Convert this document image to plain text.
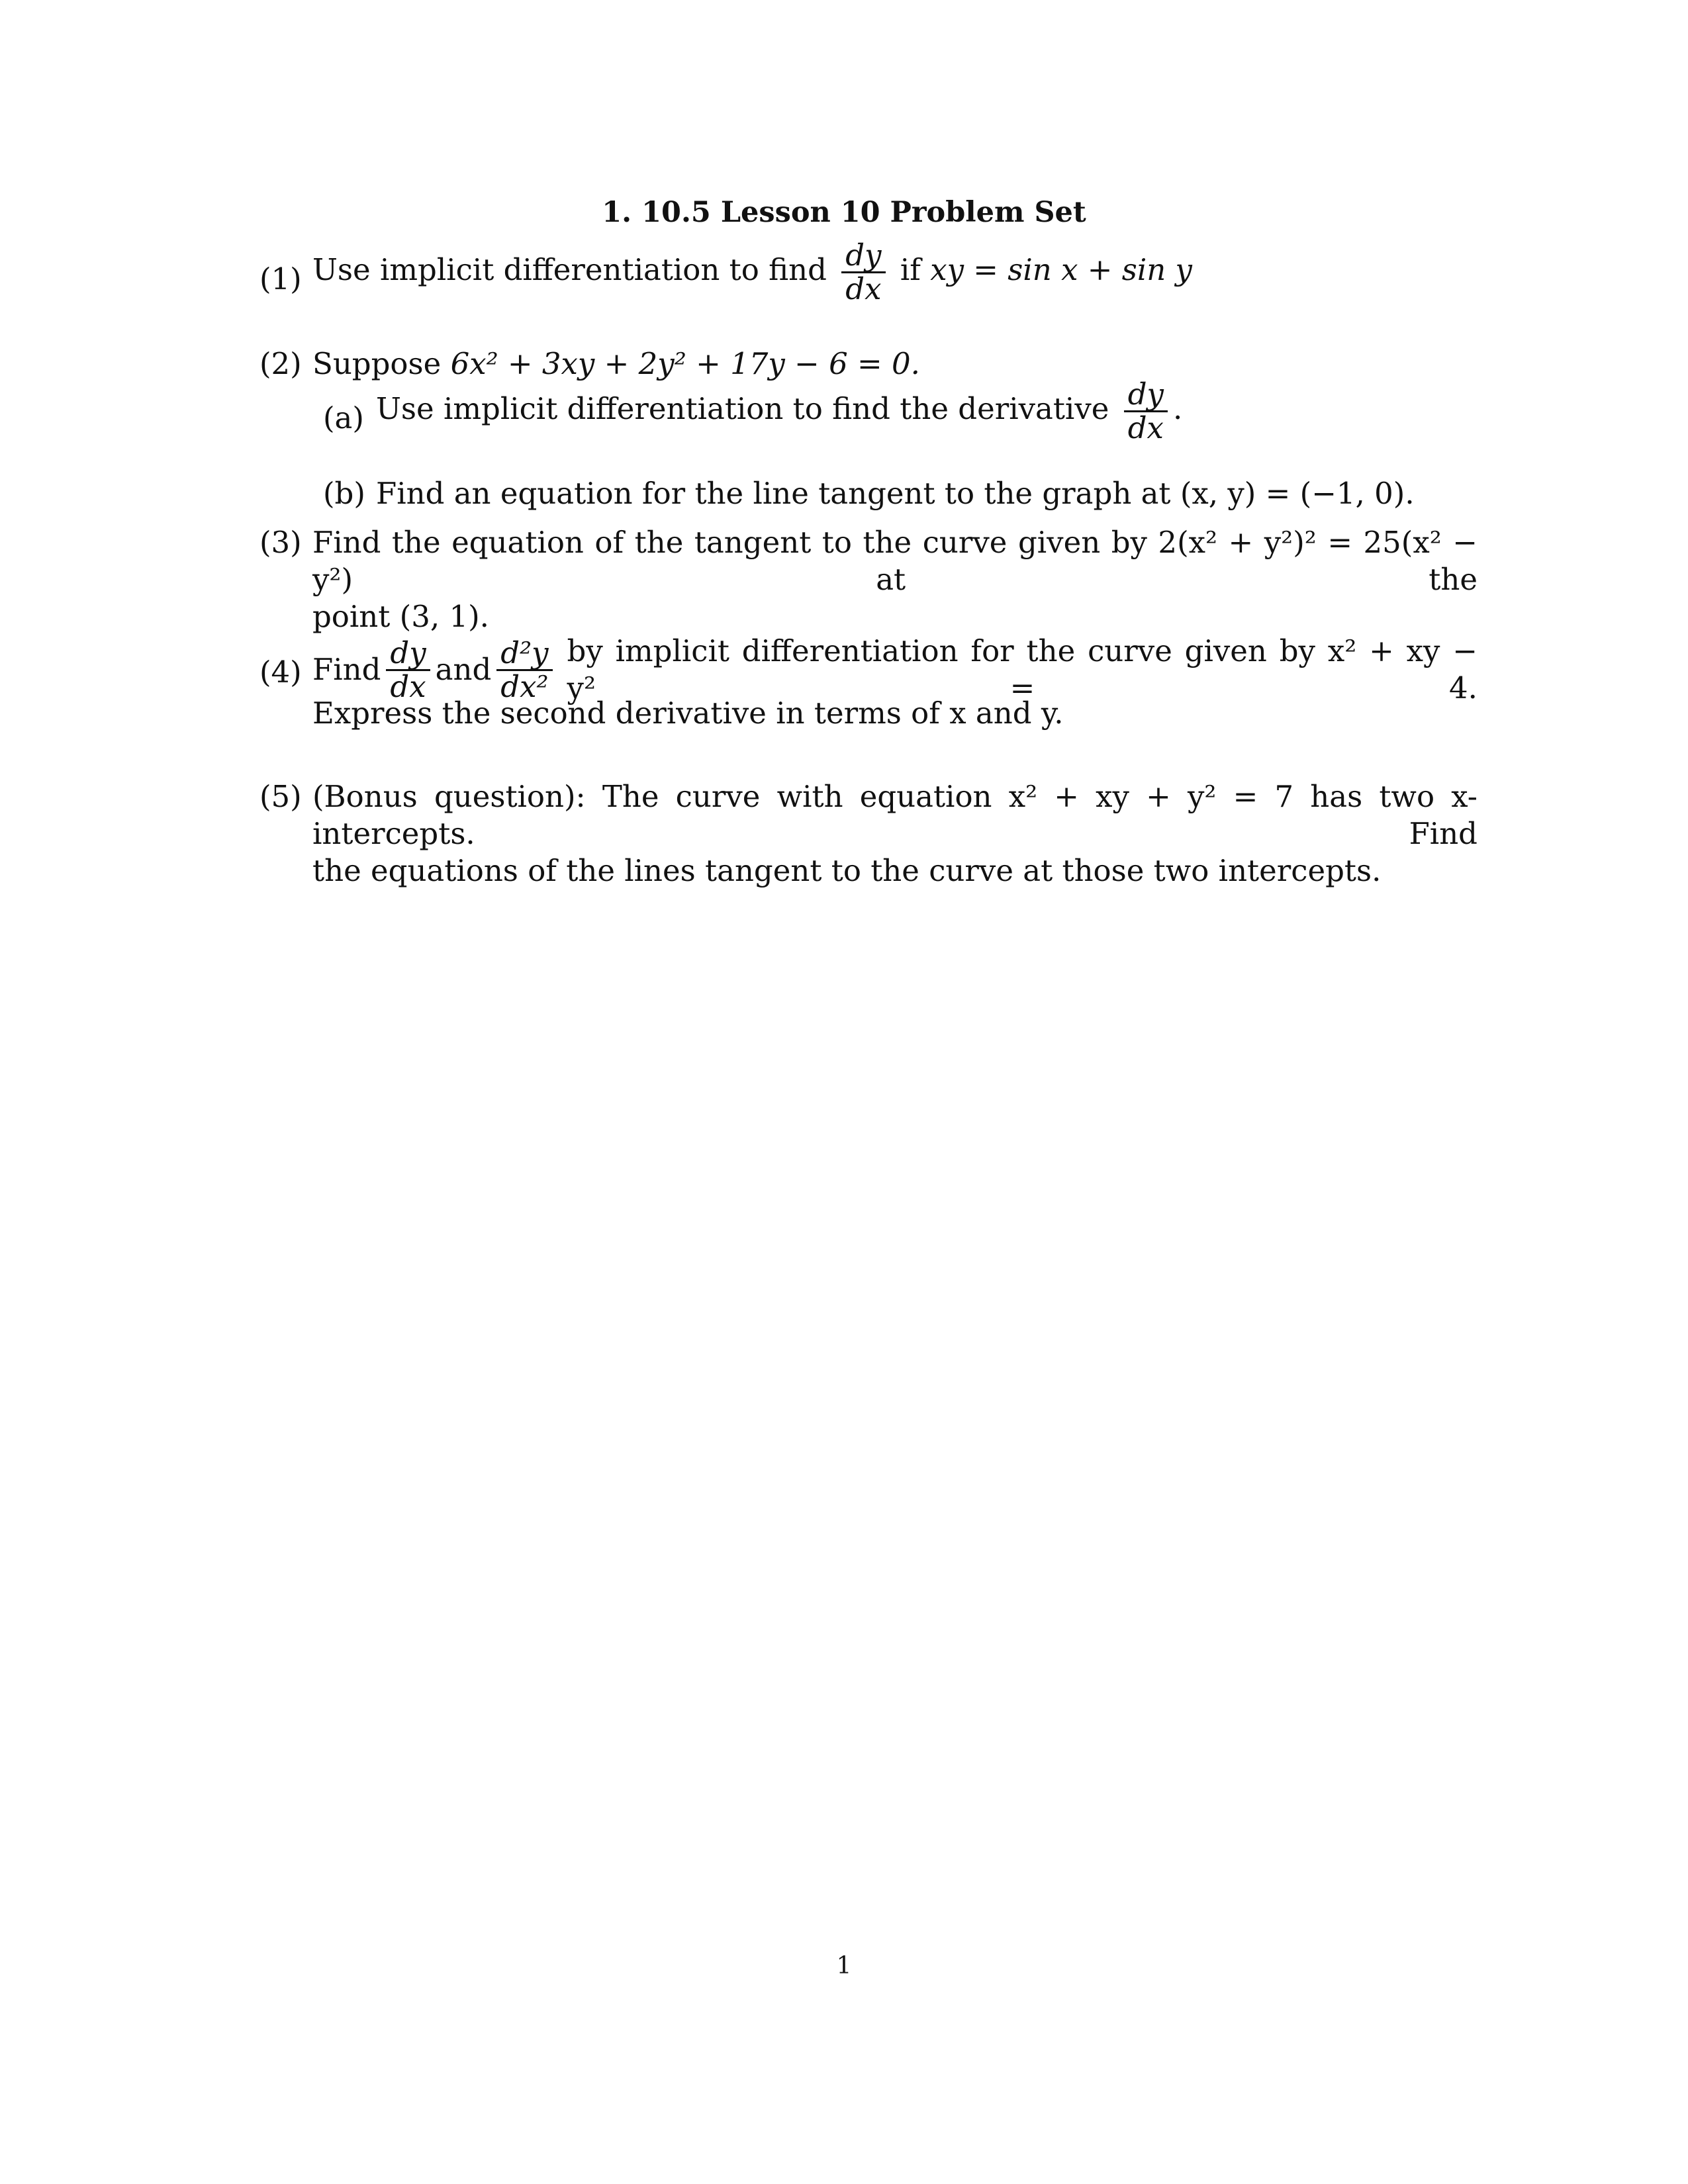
1. 10.5 Lesson 10 Problem Set
(1) Use implicit differentiation to find $\frac{dy}{dx}$ if xy = sin x + sin y
(2) Suppose 6x² + 3xy + 2y² + 17y − 6 = 0.
(a) Use implicit differentiation to find the derivative $\frac{dy}{dx}$ .
(b) Find an equation for the line tangent to the graph at (x, y) = (−1, 0).
(3) Find the equation of the tangent to the curve given by 2(x² + y²)² = 25(x² − y²) at the
point (3, 1).
(4) Find $\frac{dy}{dx}$ and $\frac{\text{d²y}}{\text{dx²}}$ by implicit differentiation for the curve given by x² + xy − y² = 4.
Express the second derivative in terms of x and y.
(5) (Bonus question): The curve with equation x² + xy + y² = 7 has two x-intercepts. Find
the equations of the lines tangent to the curve at those two intercepts.
1
